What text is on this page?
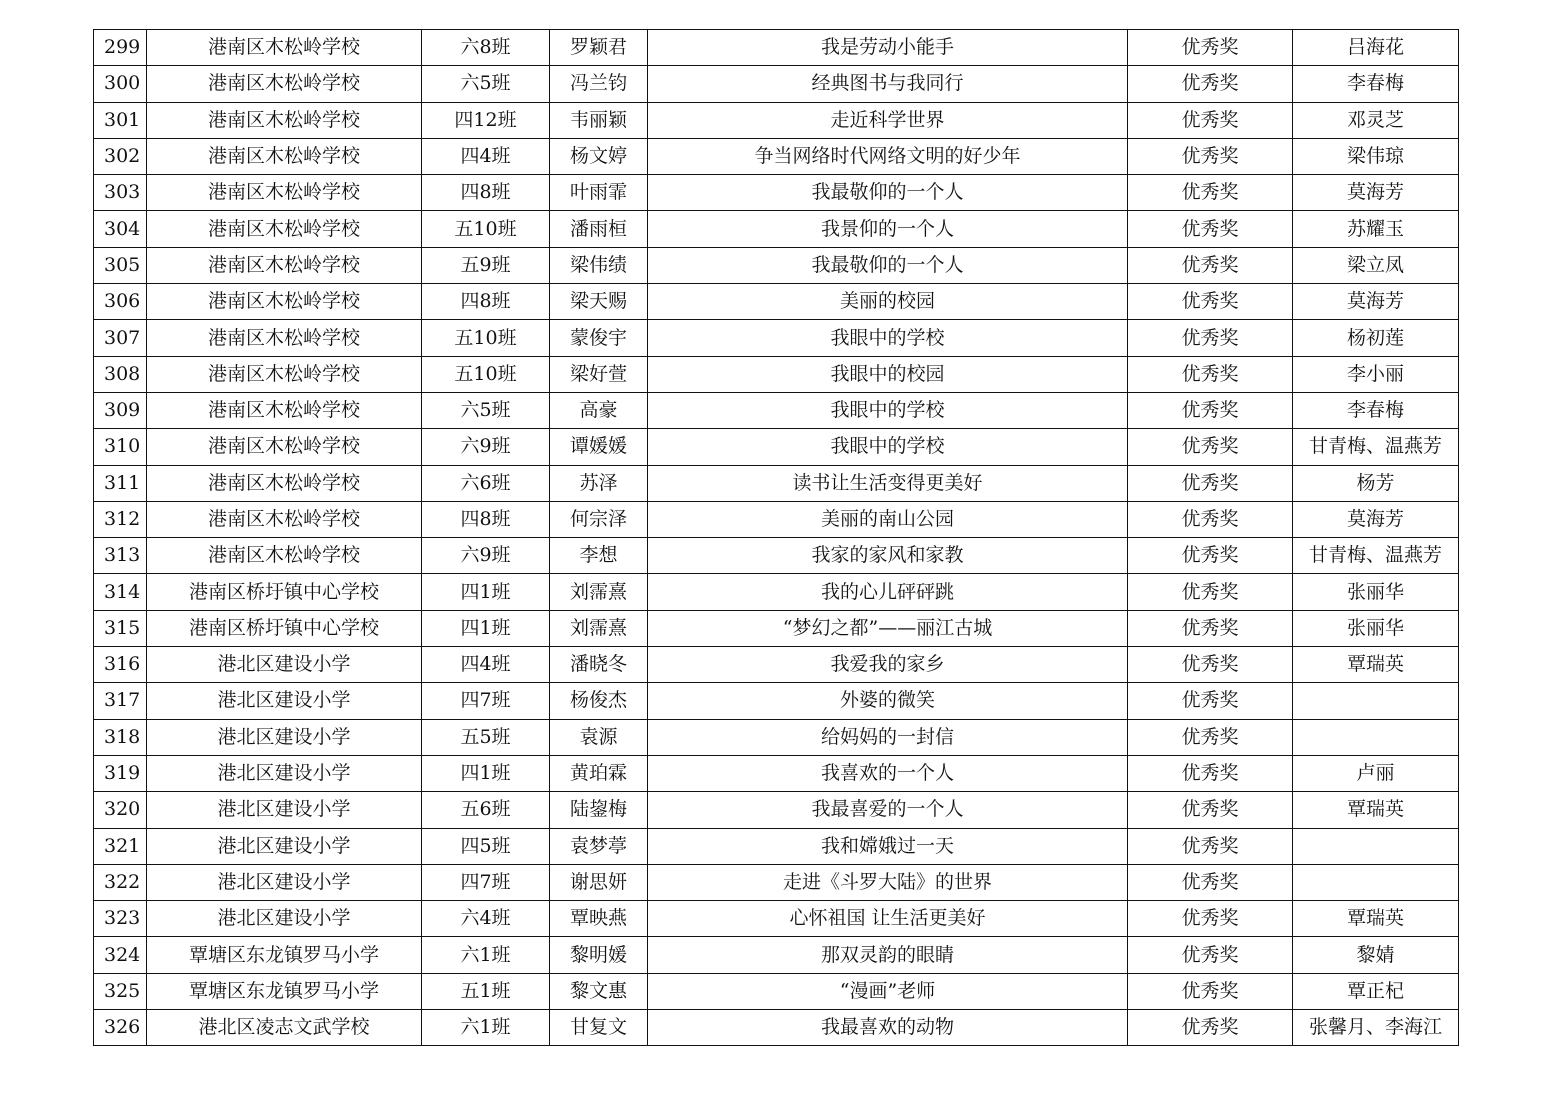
299	港南区木松岭学校	六8班	罗颖君	我是劳动小能手	优秀奖	吕海花
300	港南区木松岭学校	六5班	冯兰钧	经典图书与我同行	优秀奖	李春梅
301	港南区木松岭学校	四12班	韦丽颖	走近科学世界	优秀奖	邓灵芝
302	港南区木松岭学校	四4班	杨文婷	争当网络时代网络文明的好少年	优秀奖	梁伟琼
303	港南区木松岭学校	四8班	叶雨霏	我最敬仰的一个人	优秀奖	莫海芳
304	港南区木松岭学校	五10班	潘雨桓	我景仰的一个人	优秀奖	苏耀玉
305	港南区木松岭学校	五9班	梁伟绩	我最敬仰的一个人	优秀奖	梁立凤
306	港南区木松岭学校	四8班	梁天赐	美丽的校园	优秀奖	莫海芳
307	港南区木松岭学校	五10班	蒙俊宇	我眼中的学校	优秀奖	杨初莲
308	港南区木松岭学校	五10班	梁好萱	我眼中的校园	优秀奖	李小丽
309	港南区木松岭学校	六5班	高豪	我眼中的学校	优秀奖	李春梅
310	港南区木松岭学校	六9班	谭媛媛	我眼中的学校	优秀奖	甘青梅、温燕芳
311	港南区木松岭学校	六6班	苏泽	读书让生活变得更美好	优秀奖	杨芳
312	港南区木松岭学校	四8班	何宗泽	美丽的南山公园	优秀奖	莫海芳
313	港南区木松岭学校	六9班	李想	我家的家风和家教	优秀奖	甘青梅、温燕芳
314	港南区桥圩镇中心学校	四1班	刘霈熹	我的心儿砰砰跳	优秀奖	张丽华
315	港南区桥圩镇中心学校	四1班	刘霈熹	“梦幻之都”——丽江古城	优秀奖	张丽华
316	港北区建设小学	四4班	潘晓冬	我爱我的家乡	优秀奖	覃瑞英
317	港北区建设小学	四7班	杨俊杰	外婆的微笑	优秀奖	
318	港北区建设小学	五5班	袁源	给妈妈的一封信	优秀奖	
319	港北区建设小学	四1班	黄珀霖	我喜欢的一个人	优秀奖	卢丽
320	港北区建设小学	五6班	陆鋆梅	我最喜爱的一个人	优秀奖	覃瑞英
321	港北区建设小学	四5班	袁梦葶	我和嫦娥过一天	优秀奖	
322	港北区建设小学	四7班	谢思妍	走进《斗罗大陆》的世界	优秀奖	
323	港北区建设小学	六4班	覃映燕	心怀祖国 让生活更美好	优秀奖	覃瑞英
324	覃塘区东龙镇罗马小学	六1班	黎明媛	那双灵韵的眼睛	优秀奖	黎婧
325	覃塘区东龙镇罗马小学	五1班	黎文惠	“漫画”老师	优秀奖	覃正杞
326	港北区凌志文武学校	六1班	甘复文	我最喜欢的动物	优秀奖	张馨月、李海江
